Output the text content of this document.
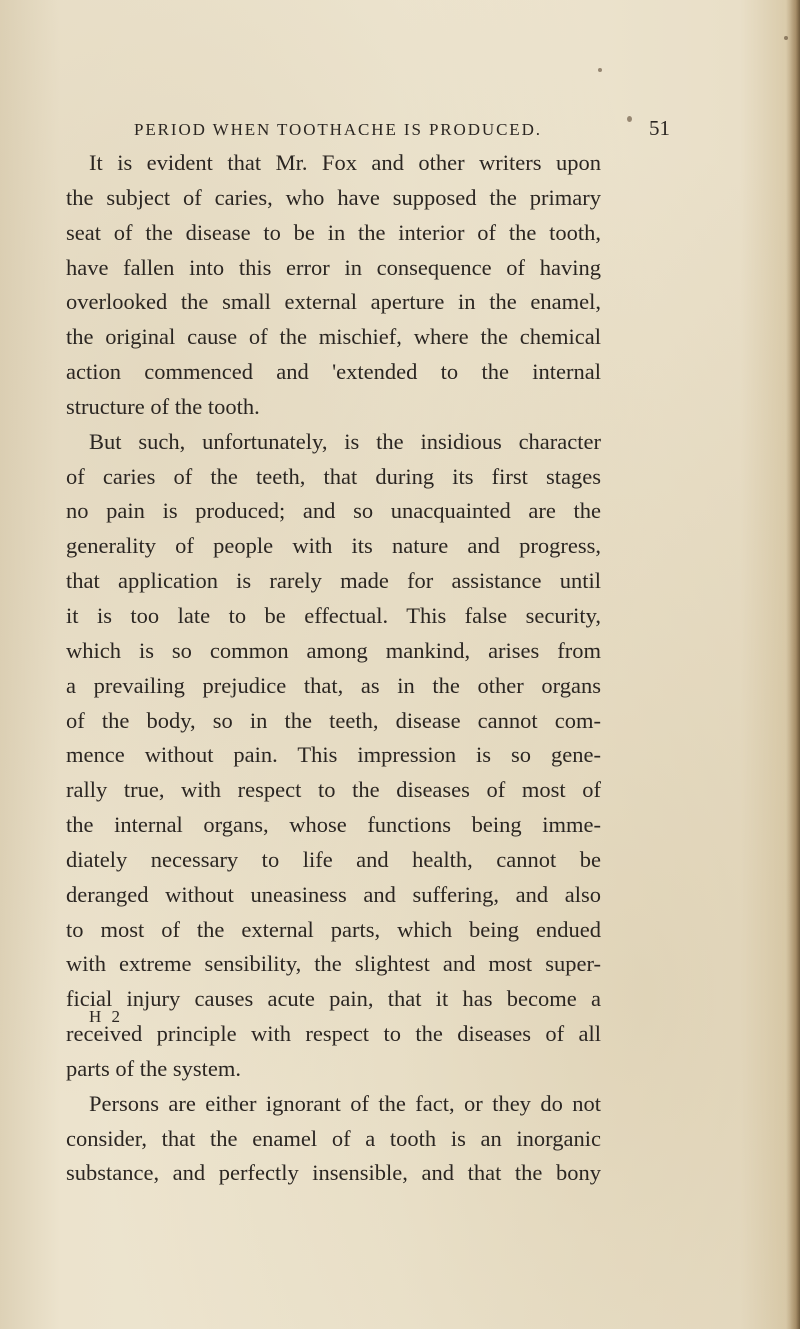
PERIOD WHEN TOOTHACHE IS PRODUCED.	51
It is evident that Mr. Fox and other writers upon
the subject of caries, who have supposed the primary
seat of the disease to be in the interior of the tooth,
have fallen into this error in consequence of having
overlooked the small external aperture in the enamel,
the original cause of the mischief, where the chemical
action commenced and 'extended to the internal
structure of the tooth.
But such, unfortunately, is the insidious character
of caries of the teeth, that during its first stages
no pain is produced; and so unacquainted are the
generality of people with its nature and progress,
that application is rarely made for assistance until
it is too late to be effectual. This false security,
which is so common among mankind, arises from
a prevailing prejudice that, as in the other organs
of the body, so in the teeth, disease cannot com-
mence without pain. This impression is so gene-
rally true, with respect to the diseases of most of
the internal organs, whose functions being imme-
diately necessary to life and health, cannot be
deranged without uneasiness and suffering, and also
to most of the external parts, which being endued
with extreme sensibility, the slightest and most super-
ficial injury causes acute pain, that it has become a
received principle with respect to the diseases of all
parts of the system.
Persons are either ignorant of the fact, or they do not
consider, that the enamel of a tooth is an inorganic
substance, and perfectly insensible, and that the bony
H 2
